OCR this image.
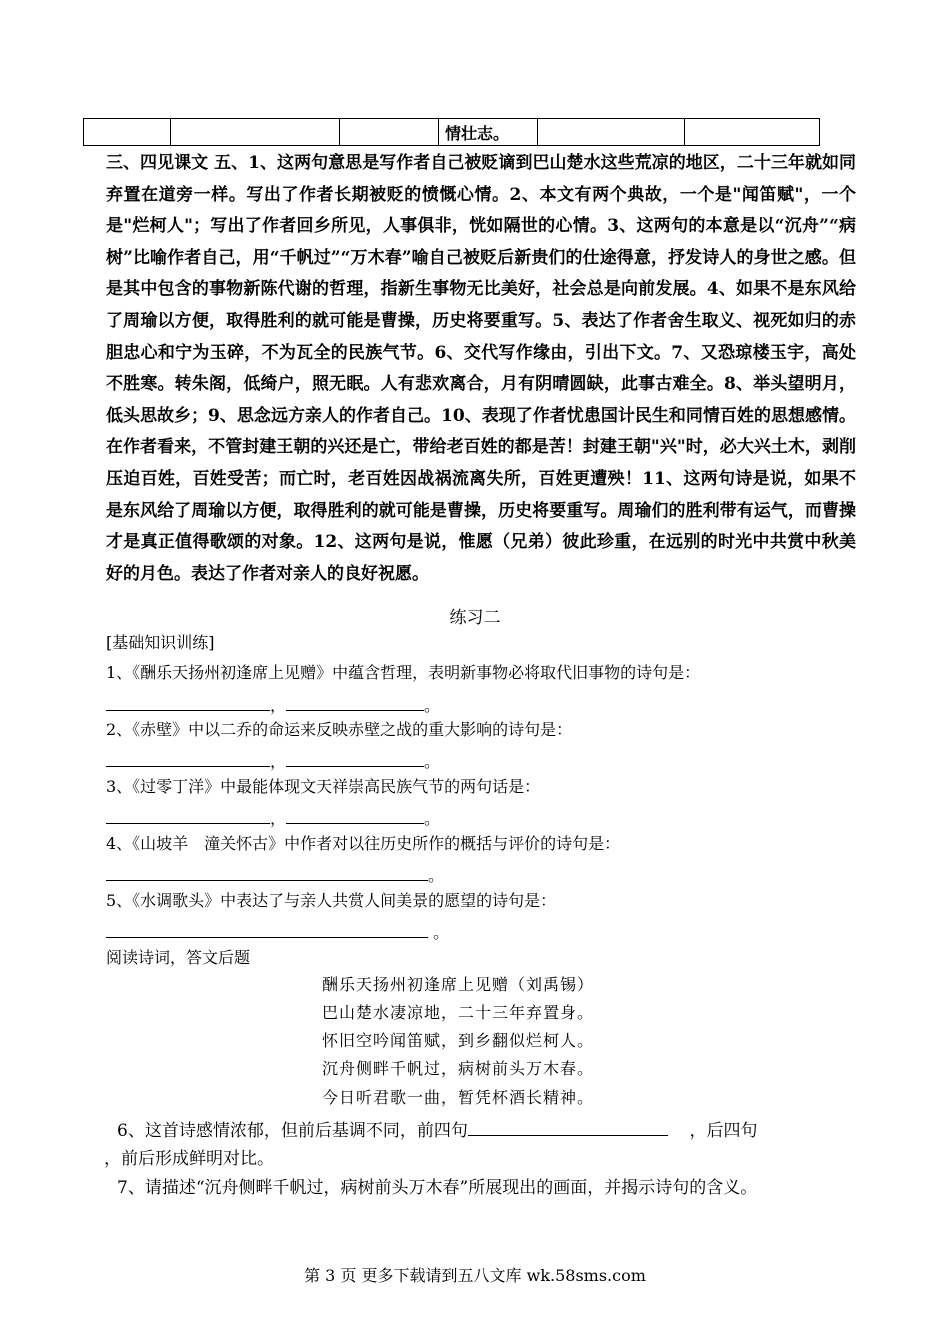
			情壮志。		
三、四见课文 五、1、这两句意思是写作者自己被贬谪到巴山楚水这些荒凉的地区，二十三年就如同弃置在道旁一样。写出了作者长期被贬的愤慨心情。2、本文有两个典故，一个是"闻笛赋"，一个是"烂柯人"；写出了作者回乡所见，人事俱非，恍如隔世的心情。3、这两句的本意是以“沉舟”“病树”比喻作者自己，用“千帆过”“万木春”喻自己被贬后新贵们的仕途得意，抒发诗人的身世之感。但是其中包含的事物新陈代谢的哲理，指新生事物无比美好，社会总是向前发展。4、如果不是东风给了周瑜以方便，取得胜利的就可能是曹操，历史将要重写。5、表达了作者舍生取义、视死如归的赤胆忠心和宁为玉碎，不为瓦全的民族气节。6、交代写作缘由，引出下文。7、又恐琼楼玉宇，高处不胜寒。转朱阁，低绮户，照无眠。人有悲欢离合，月有阴晴圆缺，此事古难全。8、举头望明月，低头思故乡；9、思念远方亲人的作者自己。10、表现了作者忧患国计民生和同情百姓的思想感情。在作者看来，不管封建王朝的兴还是亡，带给老百姓的都是苦！封建王朝"兴"时，必大兴土木，剥削压迫百姓，百姓受苦；而亡时，老百姓因战祸流离失所，百姓更遭殃！11、这两句诗是说，如果不是东风给了周瑜以方便，取得胜利的就可能是曹操，历史将要重写。周瑜们的胜利带有运气，而曹操才是真正值得歌颂的对象。12、这两句是说，惟愿（兄弟）彼此珍重，在远别的时光中共赏中秋美好的月色。表达了作者对亲人的良好祝愿。
练习二
[基础知识训练]
1、《酬乐天扬州初逢席上见赠》中蕴含哲理，表明新事物必将取代旧事物的诗句是：
，	。
2、《赤壁》中以二乔的命运来反映赤壁之战的重大影响的诗句是：
，	。
3、《过零丁洋》中最能体现文天祥崇高民族气节的两句话是：
，	。
4、《山坡羊　潼关怀古》中作者对以往历史所作的概括与评价的诗句是：
。
5、《水调歌头》中表达了与亲人共赏人间美景的愿望的诗句是：
。
阅读诗词，答文后题
酬乐天扬州初逢席上见赠（刘禹锡）
巴山楚水凄凉地，二十三年弃置身。
怀旧空吟闻笛赋，到乡翻似烂柯人。
沉舟侧畔千帆过，病树前头万木春。
今日听君歌一曲，暂凭杯酒长精神。
6、这首诗感情浓郁，但前后基调不同，前四句	，后四句
，前后形成鲜明对比。
7、请描述“沉舟侧畔千帆过，病树前头万木春”所展现出的画面，并揭示诗句的含义。
第 3 页 更多下载请到五八文库 wk.58sms.com
